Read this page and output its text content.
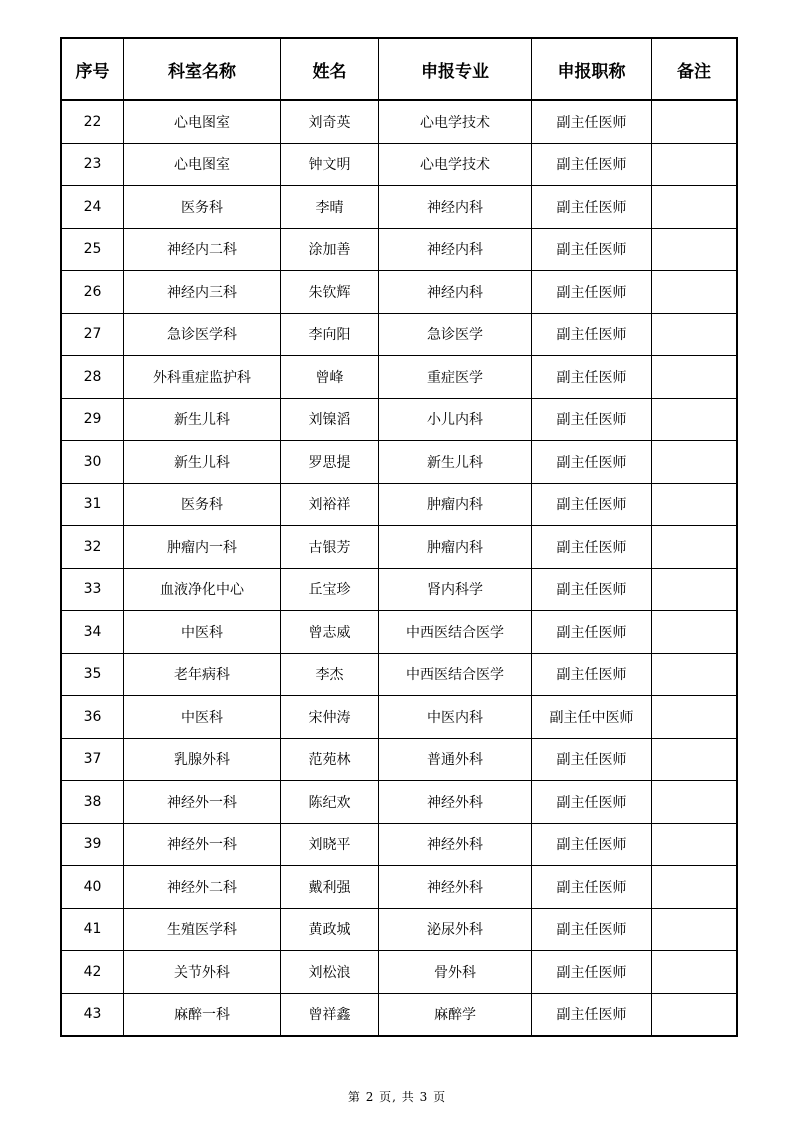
序号	科室名称	姓名	申报专业	申报职称	备注
22	心电图室	刘奇英	心电学技术	副主任医师	
23	心电图室	钟文明	心电学技术	副主任医师	
24	医务科	李晴	神经内科	副主任医师	
25	神经内二科	涂加善	神经内科	副主任医师	
26	神经内三科	朱钦辉	神经内科	副主任医师	
27	急诊医学科	李向阳	急诊医学	副主任医师	
28	外科重症监护科	曾峰	重症医学	副主任医师	
29	新生儿科	刘镍滔	小儿内科	副主任医师	
30	新生儿科	罗思提	新生儿科	副主任医师	
31	医务科	刘裕祥	肿瘤内科	副主任医师	
32	肿瘤内一科	古银芳	肿瘤内科	副主任医师	
33	血液净化中心	丘宝珍	肾内科学	副主任医师	
34	中医科	曾志威	中西医结合医学	副主任医师	
35	老年病科	李杰	中西医结合医学	副主任医师	
36	中医科	宋仲涛	中医内科	副主任中医师	
37	乳腺外科	范苑林	普通外科	副主任医师	
38	神经外一科	陈纪欢	神经外科	副主任医师	
39	神经外一科	刘晓平	神经外科	副主任医师	
40	神经外二科	戴利强	神经外科	副主任医师	
41	生殖医学科	黄政城	泌尿外科	副主任医师	
42	关节外科	刘松浪	骨外科	副主任医师	
43	麻醉一科	曾祥鑫	麻醉学	副主任医师	
第 2 页, 共 3 页
